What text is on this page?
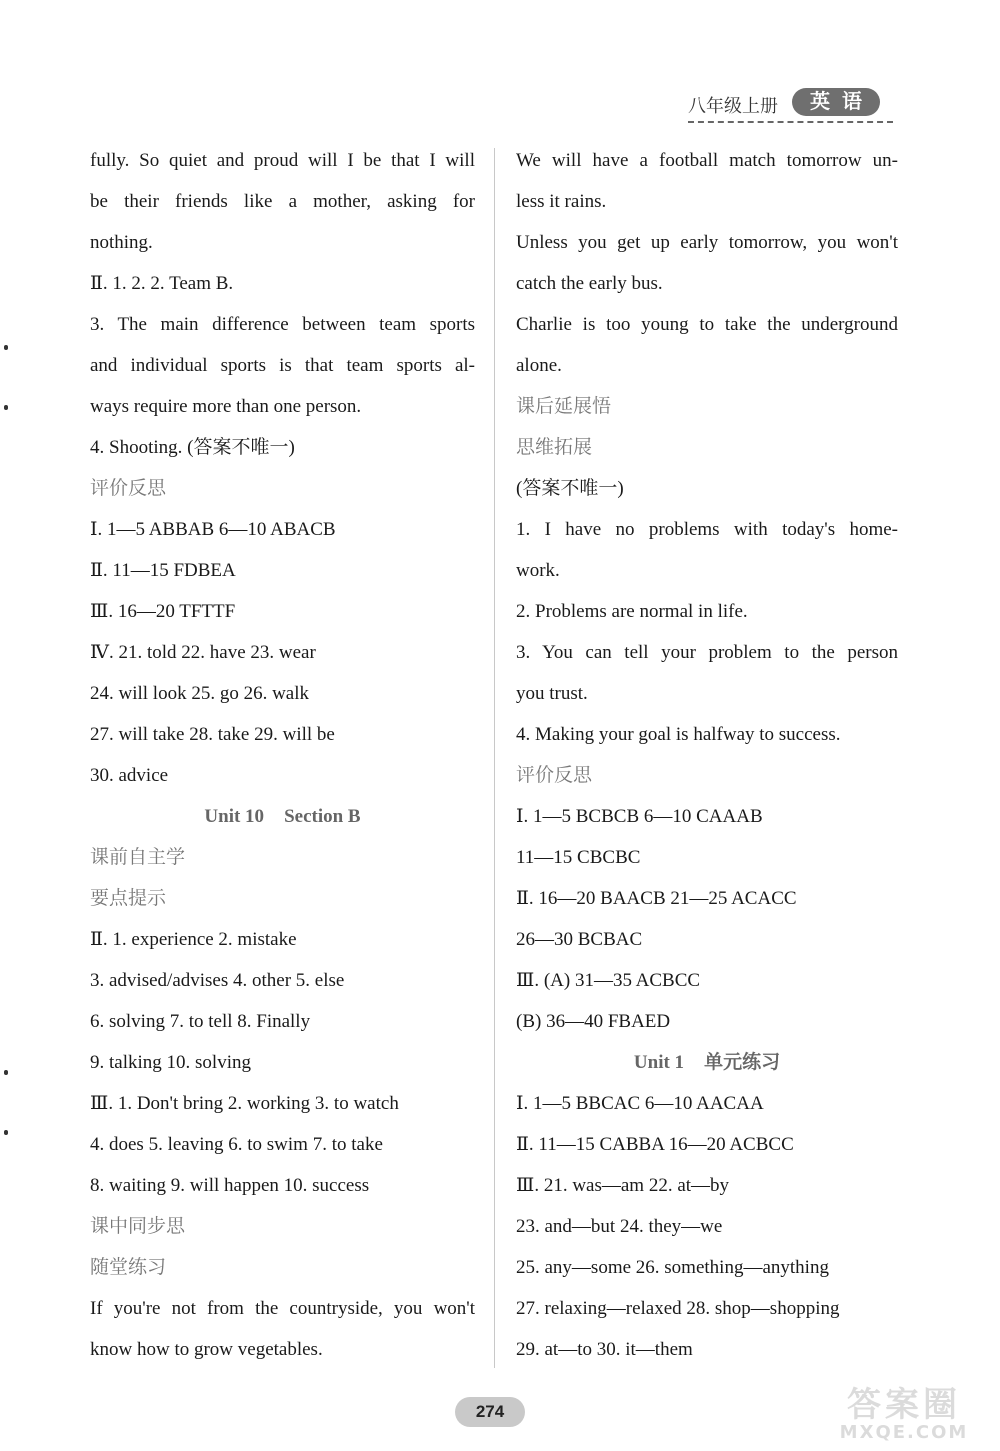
八年级上册	英语
fully. So quiet and proud will I be that I will
be their friends like a mother, asking for
nothing.
Ⅱ. 1. 2. 2. Team B.
3. The main difference between team sports
and individual sports is that team sports al-
ways require more than one person.
4. Shooting. (答案不唯一)
评价反思
Ⅰ. 1—5 ABBAB 6—10 ABACB
Ⅱ. 11—15 FDBEA
Ⅲ. 16—20 TFTTF
Ⅳ. 21. told 22. have 23. wear
24. will look 25. go 26. walk
27. will take 28. take 29. will be
30. advice
Unit 10 Section B
课前自主学
要点提示
Ⅱ. 1. experience 2. mistake
3. advised/advises 4. other 5. else
6. solving 7. to tell 8. Finally
9. talking 10. solving
Ⅲ. 1. Don't bring 2. working 3. to watch
4. does 5. leaving 6. to swim 7. to take
8. waiting 9. will happen 10. success
课中同步思
随堂练习
If you're not from the countryside, you won't
know how to grow vegetables.
We will have a football match tomorrow un-
less it rains.
Unless you get up early tomorrow, you won't
catch the early bus.
Charlie is too young to take the underground
alone.
课后延展悟
思维拓展
(答案不唯一)
1. I have no problems with today's home-
work.
2. Problems are normal in life.
3. You can tell your problem to the person
you trust.
4. Making your goal is halfway to success.
评价反思
Ⅰ. 1—5 BCBCB 6—10 CAAAB
11—15 CBCBC
Ⅱ. 16—20 BAACB 21—25 ACACC
26—30 BCBAC
Ⅲ. (A) 31—35 ACBCC
(B) 36—40 FBAED
Unit 1 单元练习
Ⅰ. 1—5 BBCAC 6—10 AACAA
Ⅱ. 11—15 CABBA 16—20 ACBCC
Ⅲ. 21. was—am 22. at—by
23. and—but 24. they—we
25. any—some 26. something—anything
27. relaxing—relaxed 28. shop—shopping
29. at—to 30. it—them
274	答案圈
MXQE.COM
